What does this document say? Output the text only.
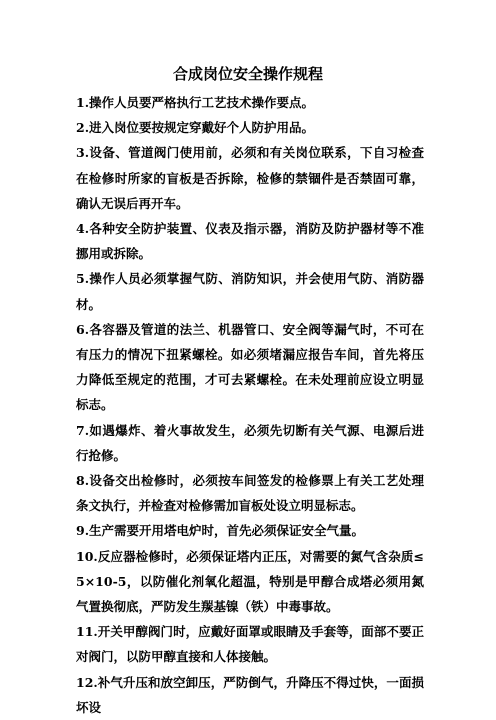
合成岗位安全操作规程

1.操作人员要严格执行工艺技术操作要点。

2.进入岗位要按规定穿戴好个人防护用品。

3.设备、管道阀门使用前，必须和有关岗位联系，下自习检查在检修时所家的盲板是否拆除，检修的禁锢件是否禁固可靠，确认无误后再开车。

4.各种安全防护装置、仪表及指示器，消防及防护器材等不准挪用或拆除。

5.操作人员必须掌握气防、消防知识，并会使用气防、消防器材。

6.各容器及管道的法兰、机器管口、安全阀等漏气时，不可在有压力的情况下扭紧螺栓。如必须堵漏应报告车间，首先将压力降低至规定的范围，才可去紧螺栓。在未处理前应设立明显标志。

7.如遇爆炸、着火事故发生，必须先切断有关气源、电源后进行抢修。

8.设备交出检修时，必须按车间签发的检修票上有关工艺处理条文执行，并检查对检修需加盲板处设立明显标志。

9.生产需要开用塔电炉时，首先必须保证安全气量。

10.反应器检修时，必须保证塔内正压，对需要的氮气含杂质≤5×10-5，以防催化剂氧化超温，特别是甲醇合成塔必须用氮气置换彻底，严防发生羰基镍（铁）中毒事故。

11.开关甲醇阀门时，应戴好面罩或眼睛及手套等，面部不要正对阀门，以防甲醇直接和人体接触。

12.补气升压和放空卸压，严防倒气，升降压不得过快，一面损坏设
